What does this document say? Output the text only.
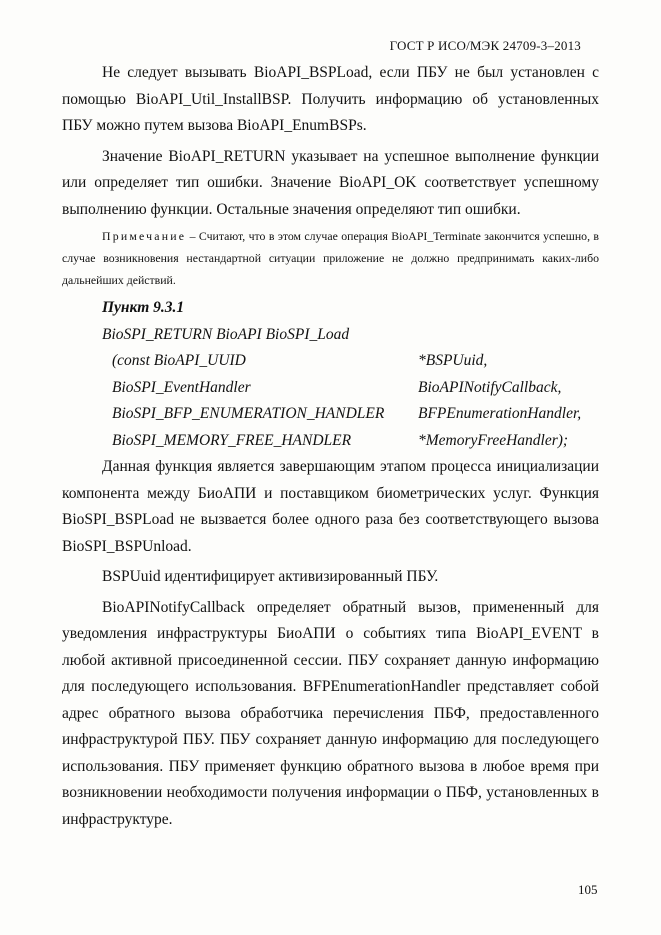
ГОСТ Р ИСО/МЭК 24709-3–2013

Не следует вызывать BioAPI_BSPLoad, если ПБУ не был установлен с помощью BioAPI_Util_InstallBSP. Получить информацию об установленных ПБУ можно путем вызова BioAPI_EnumBSPs.

Значение BioAPI_RETURN указывает на успешное выполнение функции или определяет тип ошибки. Значение BioAPI_OK соответствует успешному выполнению функции. Остальные значения определяют тип ошибки.

Примечание – Считают, что в этом случае операция BioAPI_Terminate закончится успешно, в случае возникновения нестандартной ситуации приложение не должно предпринимать каких-либо дальнейших действий.
Пункт 9.3.1
BioSPI_RETURN BioAPI BioSPI_Load
(const BioAPI_UUID	*BSPUuid,
BioSPI_EventHandler	BioAPINotifyCallback,
BioSPI_BFP_ENUMERATION_HANDLER BFPEnumerationHandler,
BioSPI_MEMORY_FREE_HANDLER	*MemoryFreeHandler);

Данная функция является завершающим этапом процесса инициализации компонента между БиоАПИ и поставщиком биометрических услуг. Функция BioSPI_BSPLoad не вызвается более одного раза без соответствующего вызова BioSPI_BSPUnload.

BSPUuid идентифицирует активизированный ПБУ.

BioAPINotifyCallback определяет обратный вызов, примененный для уведомления инфраструктуры БиоАПИ о событиях типа BioAPI_EVENT в любой активной присоединенной сессии. ПБУ сохраняет данную информацию для последующего использования. BFPEnumerationHandler представляет собой адрес обратного вызова обработчика перечисления ПБФ, предоставленного инфраструктурой ПБУ. ПБУ сохраняет данную информацию для последующего использования. ПБУ применяет функцию обратного вызова в любое время при возникновении необходимости получения информации о ПБФ, установленных в инфраструктуре.

105
